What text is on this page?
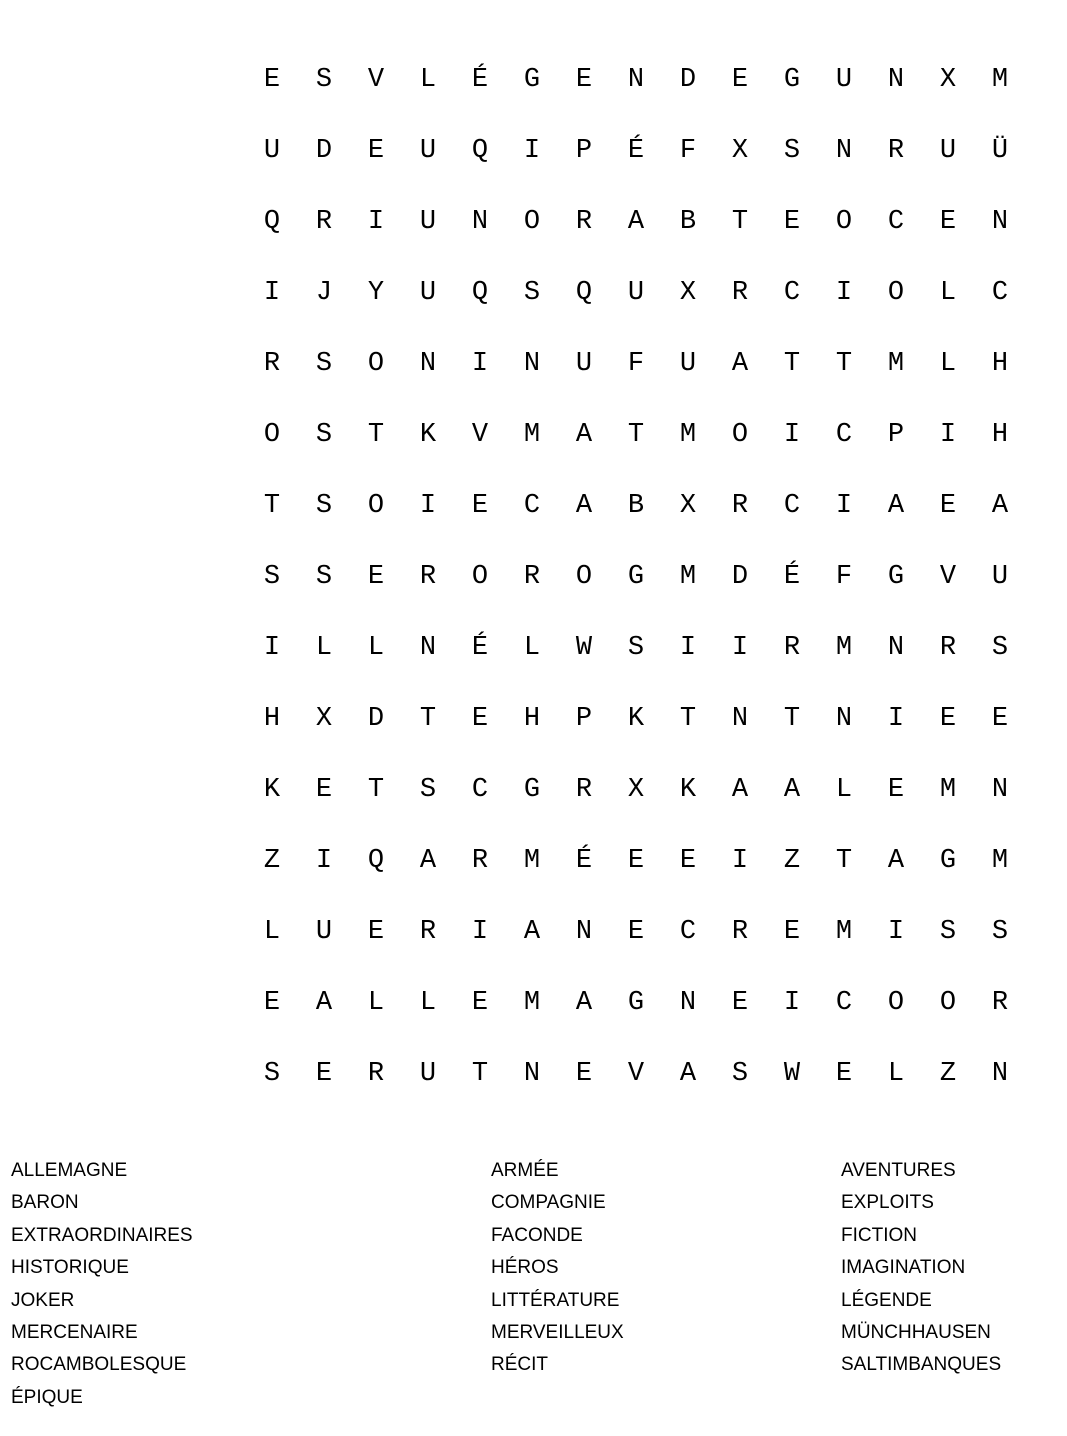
E	S	V	L	É	G	E	N	D	E	G	U	N	X	M
U	D	E	U	Q	I	P	É	F	X	S	N	R	U	Ü
Q	R	I	U	N	O	R	A	B	T	E	O	C	E	N
I	J	Y	U	Q	S	Q	U	X	R	C	I	O	L	C
R	S	O	N	I	N	U	F	U	A	T	T	M	L	H
O	S	T	K	V	M	A	T	M	O	I	C	P	I	H
T	S	O	I	E	C	A	B	X	R	C	I	A	E	A
S	S	E	R	O	R	O	G	M	D	É	F	G	V	U
I	L	L	N	É	L	W	S	I	I	R	M	N	R	S
H	X	D	T	E	H	P	K	T	N	T	N	I	E	E
K	E	T	S	C	G	R	X	K	A	A	L	E	M	N
Z	I	Q	A	R	M	É	E	E	I	Z	T	A	G	M
L	U	E	R	I	A	N	E	C	R	E	M	I	S	S
E	A	L	L	E	M	A	G	N	E	I	C	O	O	R
S	E	R	U	T	N	E	V	A	S	W	E	L	Z	N
ALLEMAGNE
BARON
EXTRAORDINAIRES
HISTORIQUE
JOKER
MERCENAIRE
ROCAMBOLESQUE
ÉPIQUE
ARMÉE
COMPAGNIE
FACONDE
HÉROS
LITTÉRATURE
MERVEILLEUX
RÉCIT
AVENTURES
EXPLOITS
FICTION
IMAGINATION
LÉGENDE
MÜNCHHAUSEN
SALTIMBANQUES
